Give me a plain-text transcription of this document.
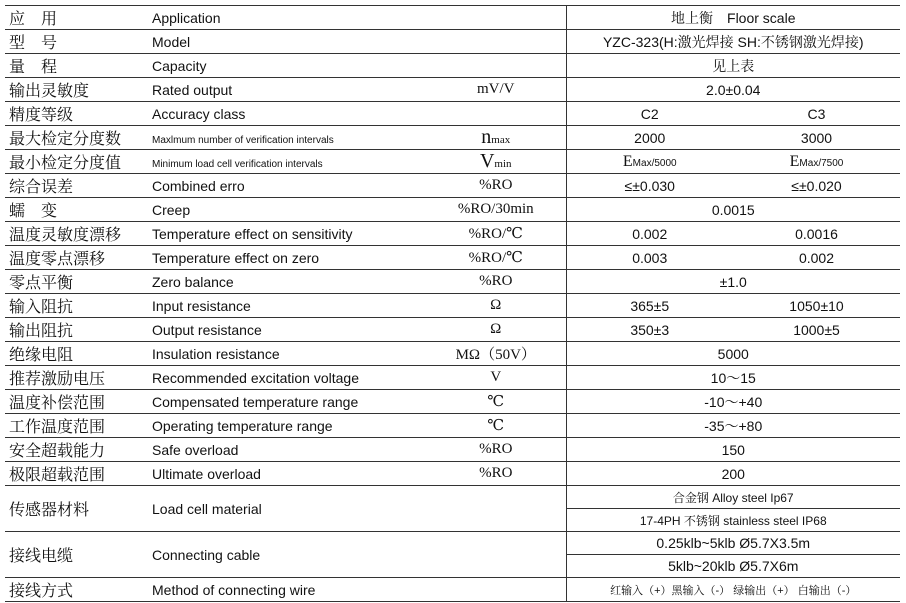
应　用	Application		地上衡　Floor scale	
型　号	Model		YZC-323(H:激光焊接 SH:不锈钢激光焊接)	
量　程	Capacity		见上表	
输出灵敏度	Rated output	mV/V	2.0±0.04	
精度等级	Accuracy class		C2	C3
最大检定分度数	Maxlmum number of verification intervals	nmax	2000	3000
最小检定分度值	Minimum load cell verification intervals	Vmin	EMax/5000	EMax/7500
综合误差	Combined erro	%RO	≤±0.030	≤±0.020
蠕　变	Creep	%RO/30min	0.0015	
温度灵敏度漂移	Temperature effect on sensitivity	%RO/℃	0.002	0.0016
温度零点漂移	Temperature effect on zero	%RO/℃	0.003	0.002
零点平衡	Zero balance	%RO	±1.0	
输入阻抗	Input resistance	Ω	365±5	1050±10
输出阻抗	Output resistance	Ω	350±3	1000±5
绝缘电阻	Insulation resistance	MΩ（50V）	5000	
推荐激励电压	Recommended excitation voltage	V	10～15	
温度补偿范围	Compensated temperature range	℃	-10～+40	
工作温度范围	Operating temperature range	℃	-35～+80	
安全超载能力	Safe overload	%RO	150	
极限超载范围	Ultimate overload	%RO	200	
传感器材料	Load cell material		合金钢 Alloy steel Ip67	
			17-4PH 不锈钢 stainless steel IP68	
接线电缆	Connecting cable		0.25klb~5klb Ø5.7X3.5m	
			5klb~20klb Ø5.7X6m	
接线方式	Method of connecting wire		红输入（+）黑输入（-） 绿输出（+） 白输出（-）	
